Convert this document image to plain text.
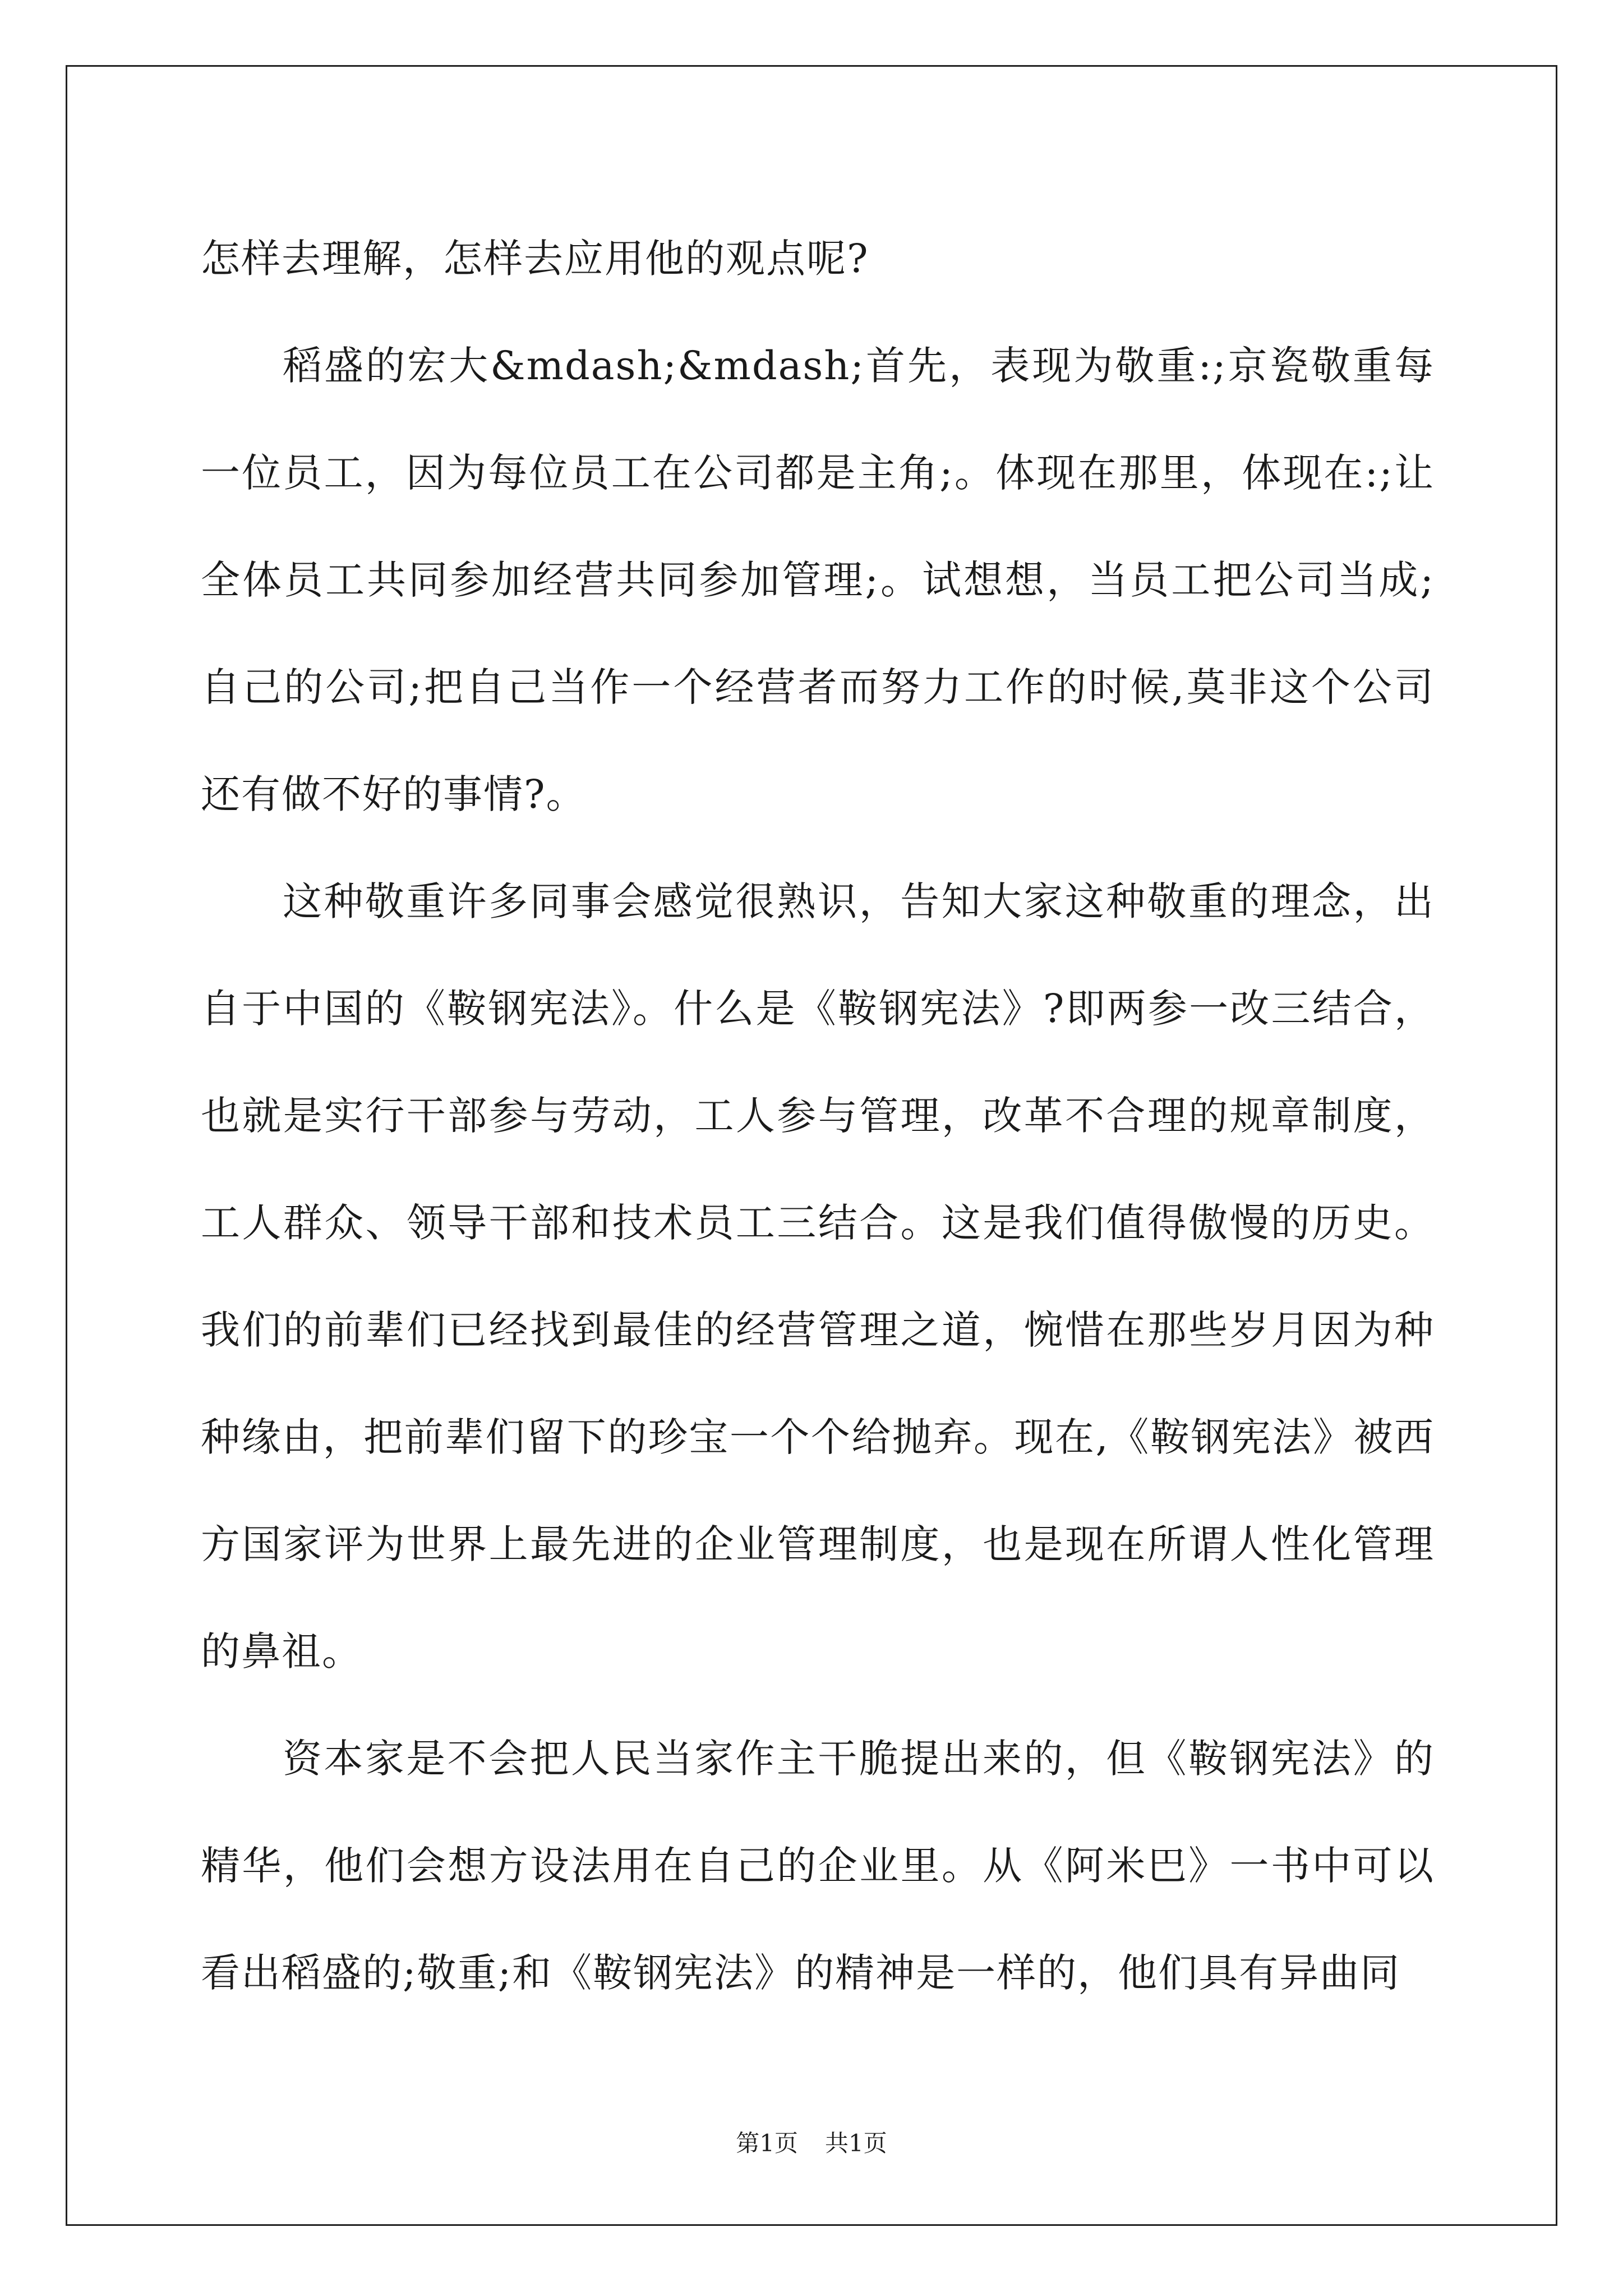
怎样去理解，怎样去应用他的观点呢?

稻盛的宏大&mdash;&mdash;首先，表现为敬重:;京瓷敬重每一位员工，因为每位员工在公司都是主角;。体现在那里，体现在:;让全体员工共同参加经营共同参加管理;。试想想，当员工把公司当成;自己的公司;把自己当作一个经营者而努力工作的时候,莫非这个公司还有做不好的事情?。

这种敬重许多同事会感觉很熟识，告知大家这种敬重的理念，出自于中国的《鞍钢宪法》。什么是《鞍钢宪法》?即两参一改三结合，也就是实行干部参与劳动，工人参与管理，改革不合理的规章制度，工人群众、领导干部和技术员工三结合。这是我们值得傲慢的历史。我们的前辈们已经找到最佳的经营管理之道，惋惜在那些岁月因为种种缘由，把前辈们留下的珍宝一个个给抛弃。现在,《鞍钢宪法》被西方国家评为世界上最先进的企业管理制度，也是现在所谓人性化管理的鼻祖。

资本家是不会把人民当家作主干脆提出来的，但《鞍钢宪法》的精华，他们会想方设法用在自己的企业里。从《阿米巴》一书中可以看出稻盛的;敬重;和《鞍钢宪法》的精神是一样的，他们具有异曲同

第1页 共1页
